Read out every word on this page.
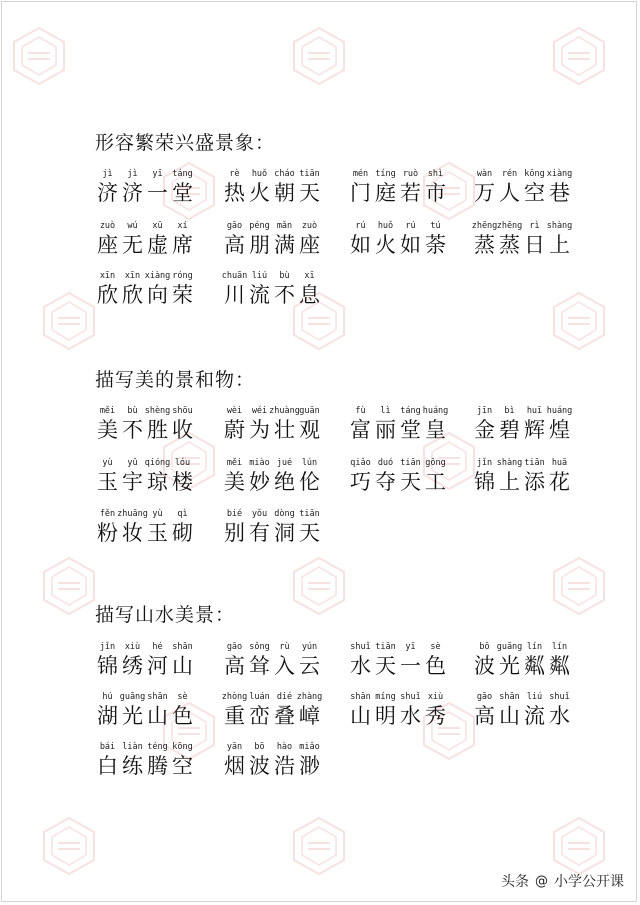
形容繁荣兴盛景象：
描写美的景和物：
描写山水美景：
jì
济
jì
济
yī
一
táng
堂
rè
热
huǒ
火
cháo
朝
tiān
天
mén
门
tíng
庭
ruò
若
shì
市
wàn
万
rén
人
kōng
空
xiàng
巷
zuò
座
wú
无
xū
虚
xí
席
gāo
高
péng
朋
mǎn
满
zuò
座
rú
如
huǒ
火
rú
如
tú
荼
zhēng
蒸
zhēng
蒸
rì
日
shàng
上
xīn
欣
xīn
欣
xiàng
向
róng
荣
chuān
川
liú
流
bù
不
xī
息
měi
美
bù
不
shèng
胜
shōu
收
wèi
蔚
wéi
为
zhuàng
壮
guān
观
fù
富
lì
丽
táng
堂
huáng
皇
jīn
金
bì
碧
huī
辉
huáng
煌
yù
玉
yǔ
宇
qióng
琼
lóu
楼
měi
美
miào
妙
jué
绝
lún
伦
qiǎo
巧
duó
夺
tiān
天
gōng
工
jǐn
锦
shàng
上
tiān
添
huā
花
fěn
粉
zhuāng
妆
yù
玉
qì
砌
bié
别
yǒu
有
dòng
洞
tiān
天
jǐn
锦
xiù
绣
hé
河
shān
山
gāo
高
sǒng
耸
rù
入
yún
云
shuǐ
水
tiān
天
yī
一
sè
色
bō
波
guāng
光
lín
粼
lín
粼
hú
湖
guāng
光
shān
山
sè
色
zhòng
重
luán
峦
dié
叠
zhàng
嶂
shān
山
míng
明
shuǐ
水
xiù
秀
gāo
高
shān
山
liú
流
shuǐ
水
bái
白
liàn
练
téng
腾
kōng
空
yān
烟
bō
波
hào
浩
miǎo
渺
头条 @ 小学公开课
